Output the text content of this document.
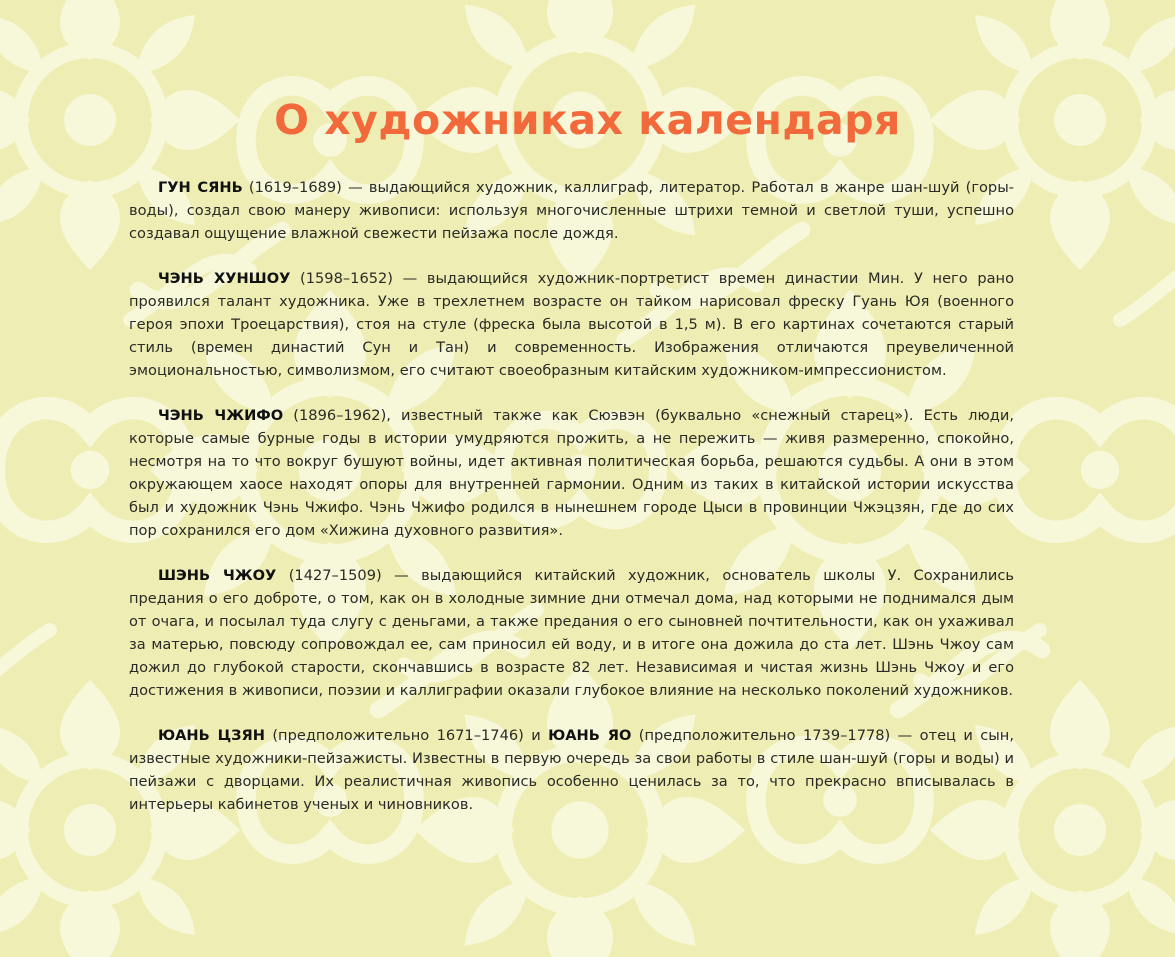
О художниках календаря

ГУН СЯНЬ (1619–1689) — выдающийся художник, каллиграф, литератор. Работал в жанре шан-шуй (горы-воды), создал свою манеру живописи: используя многочисленные штрихи темной и светлой туши, успешно создавал ощущение влажной свежести пейзажа после дождя.

ЧЭНЬ ХУНШОУ (1598–1652) — выдающийся художник-портретист времен династии Мин. У него рано проявился талант художника. Уже в трехлетнем возрасте он тайком нарисовал фреску Гуань Юя (военного героя эпохи Троецарствия), стоя на стуле (фреска была высотой в 1,5 м). В его картинах сочетаются старый стиль (времен династий Сун и Тан) и современность. Изображения отличаются преувеличенной эмоциональностью, символизмом, его считают своеобразным китайским художником-импрессионистом.

ЧЭНЬ ЧЖИФО (1896–1962), известный также как Сюэвэн (буквально «снежный старец»). Есть люди, которые самые бурные годы в истории умудряются прожить, а не пережить — живя размеренно, спокойно, несмотря на то что вокруг бушуют войны, идет активная политическая борьба, решаются судьбы. А они в этом окружающем хаосе находят опоры для внутренней гармонии. Одним из таких в китайской истории искусства был и художник Чэнь Чжифо. Чэнь Чжифо родился в нынешнем городе Цыси в провинции Чжэцзян, где до сих пор сохранился его дом «Хижина духовного развития».

ШЭНЬ ЧЖОУ (1427–1509) — выдающийся китайский художник, основатель школы У. Сохранились предания о его доброте, о том, как он в холодные зимние дни отмечал дома, над которыми не поднимался дым от очага, и посылал туда слугу с деньгами, а также предания о его сыновней почтительности, как он ухаживал за матерью, повсюду сопровождал ее, сам приносил ей воду, и в итоге она дожила до ста лет. Шэнь Чжоу сам дожил до глубокой старости, скончавшись в возрасте 82 лет. Независимая и чистая жизнь Шэнь Чжоу и его достижения в живописи, поэзии и каллиграфии оказали глубокое влияние на несколько поколений художников.

ЮАНЬ ЦЗЯН (предположительно 1671–1746) и ЮАНЬ ЯО (предположительно 1739–1778) — отец и сын, известные художники-пейзажисты. Известны в первую очередь за свои работы в стиле шан-шуй (горы и воды) и пейзажи с дворцами. Их реалистичная живопись особенно ценилась за то, что прекрасно вписывалась в интерьеры кабинетов ученых и чиновников.
